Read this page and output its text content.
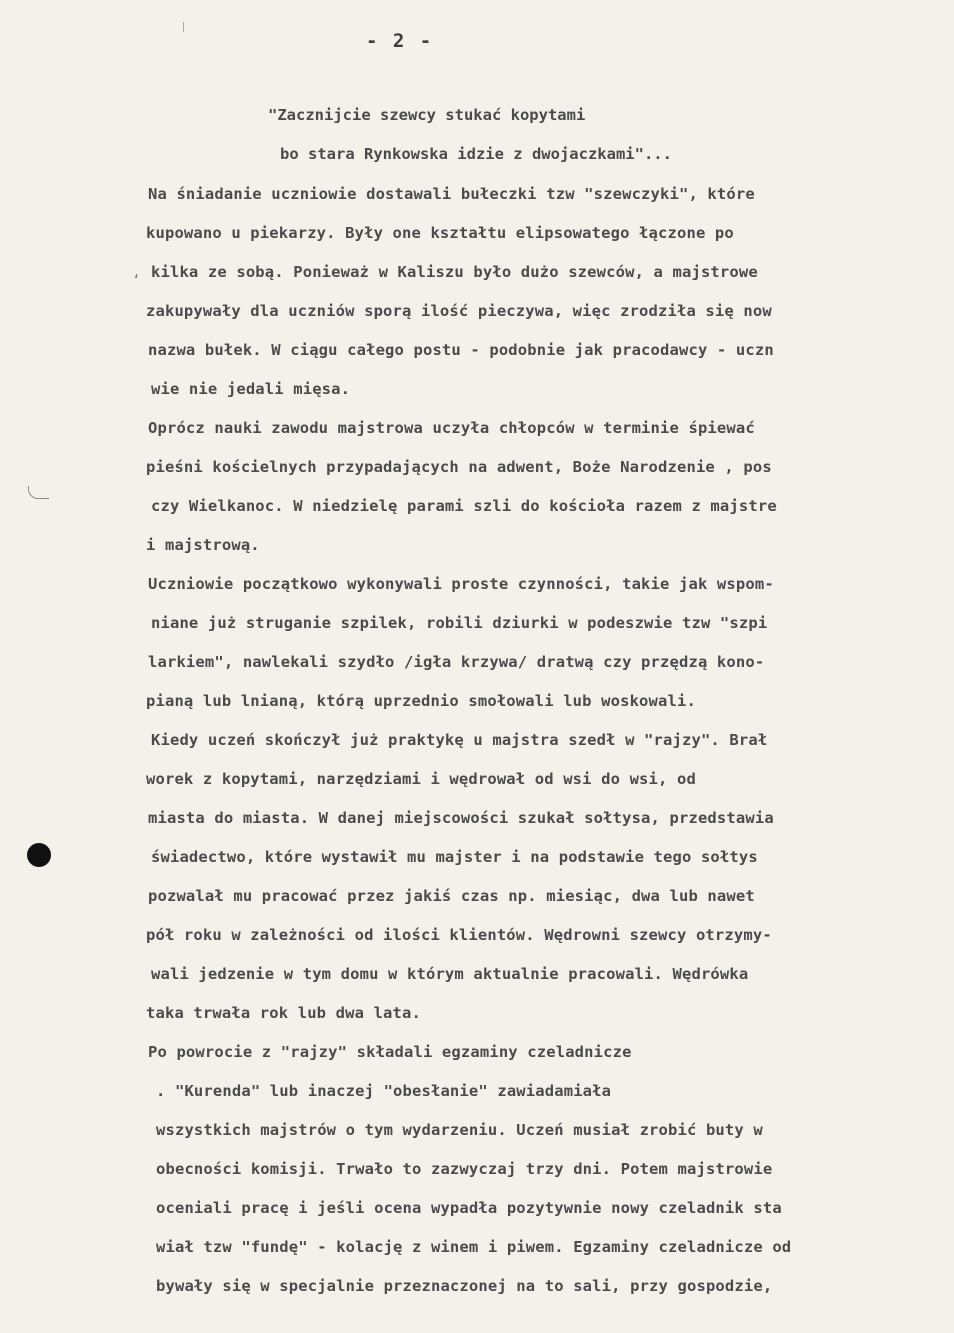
- 2 -
"Zacznijcie szewcy stukać kopytami
bo stara Rynkowska idzie z dwojaczkami"...
Na śniadanie uczniowie dostawali bułeczki tzw "szewczyki", które
kupowano u piekarzy. Były one kształtu elipsowatego łączone po
kilka ze sobą. Ponieważ w Kaliszu było dużo szewców, a majstrowe
zakupywały dla uczniów sporą ilość pieczywa, więc zrodziła się now
nazwa bułek. W ciągu całego postu - podobnie jak pracodawcy - uczn
wie nie jedali mięsa.
Oprócz nauki zawodu majstrowa uczyła chłopców w terminie śpiewać
pieśni kościelnych przypadających na adwent, Boże Narodzenie , pos
czy Wielkanoc. W niedzielę parami szli do kościoła razem z majstre
i majstrową.
Uczniowie początkowo wykonywali proste czynności, takie jak wspom-
niane już struganie szpilek, robili dziurki w podeszwie tzw "szpi
larkiem", nawlekali szydło /igła krzywa/ dratwą czy przędzą kono-
pianą lub lnianą, którą uprzednio smołowali lub woskowali.
Kiedy uczeń skończył już praktykę u majstra szedł w "rajzy". Brał
worek z kopytami, narzędziami i wędrował od wsi do wsi, od
miasta do miasta. W danej miejscowości szukał sołtysa, przedstawia
świadectwo, które wystawił mu majster i na podstawie tego sołtys
pozwalał mu pracować przez jakiś czas np. miesiąc, dwa lub nawet
pół roku w zależności od ilości klientów. Wędrowni szewcy otrzymy-
wali jedzenie w tym domu w którym aktualnie pracowali. Wędrówka
taka trwała rok lub dwa lata.
Po powrocie z "rajzy" składali egzaminy czeladnicze
. "Kurenda" lub inaczej "obesłanie" zawiadamiała
wszystkich majstrów o tym wydarzeniu. Uczeń musiał zrobić buty w
obecności komisji. Trwało to zazwyczaj trzy dni. Potem majstrowie
oceniali pracę i jeśli ocena wypadła pozytywnie nowy czeladnik sta
wiał tzw "fundę" - kolację z winem i piwem. Egzaminy czeladnicze od
bywały się w specjalnie przeznaczonej na to sali, przy gospodzie,
‘
